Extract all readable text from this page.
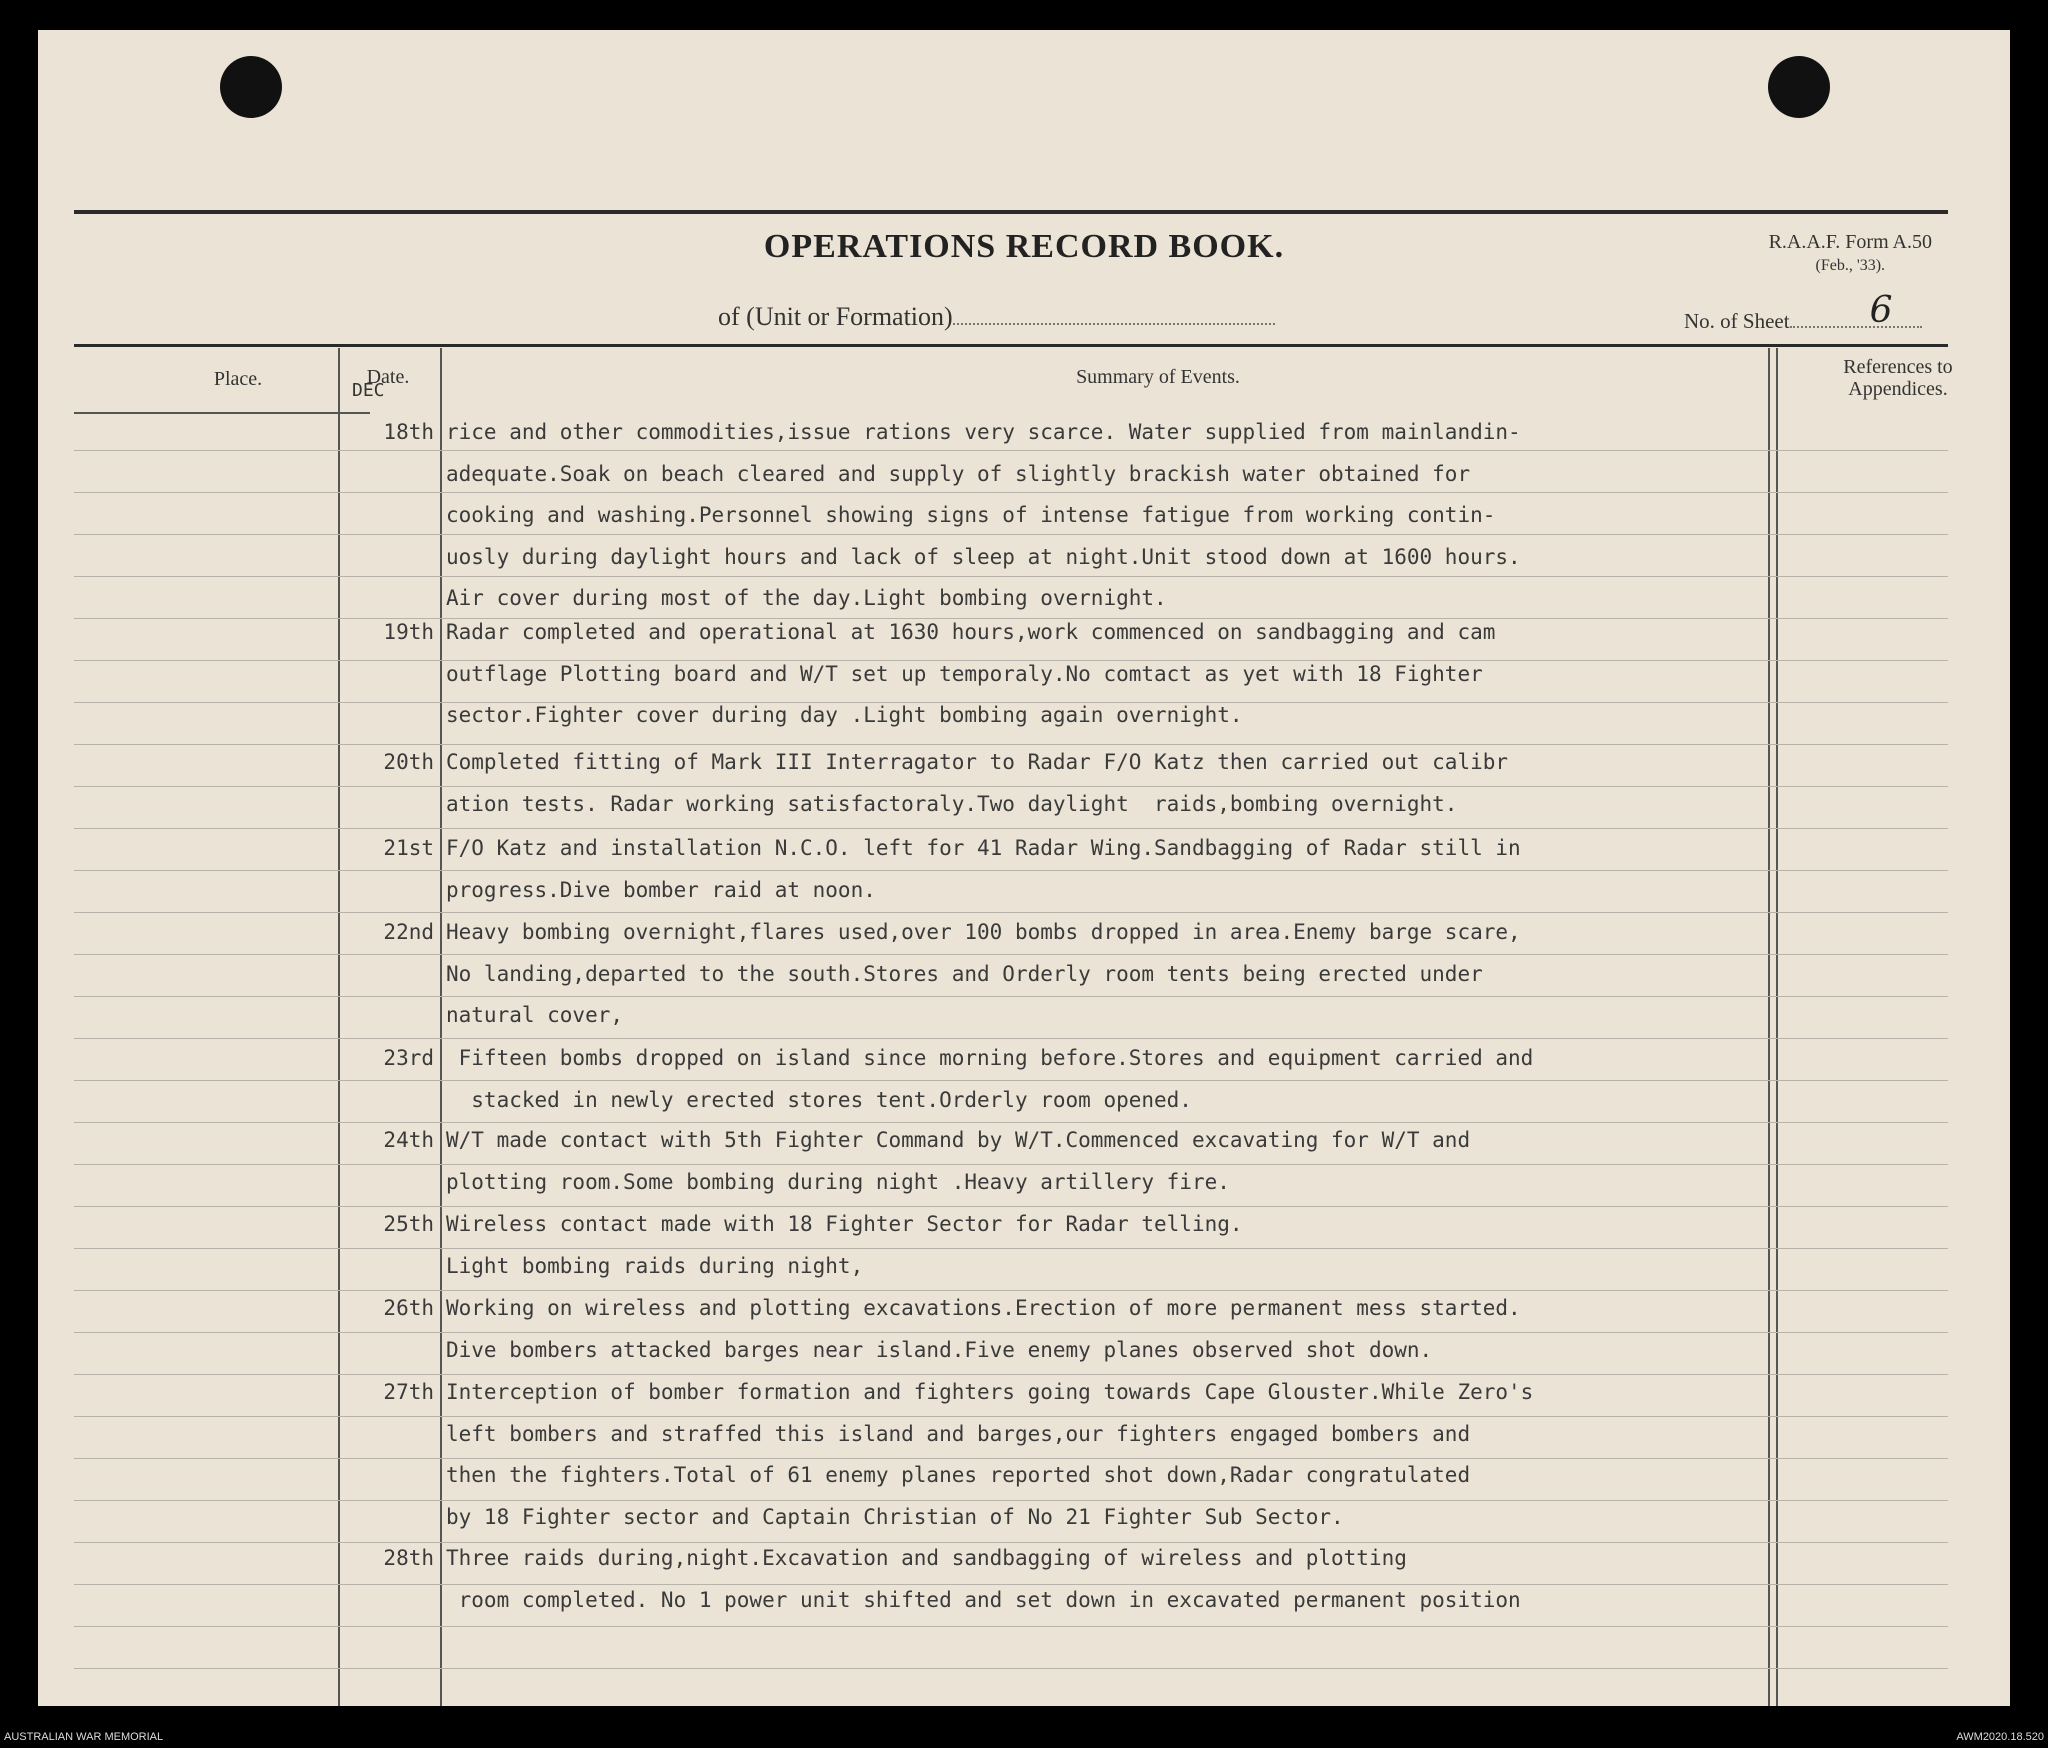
OPERATIONS RECORD BOOK.	R.A.A.F. Form A.50
(Feb., '33).
of (Unit or Formation)	No. of Sheet 6
Place.	Date.	Summary of Events.	References to
Appendices.
DEC
18th rice and other commodities,issue rations very scarce. Water supplied from mainlandin-
adequate.Soak on beach cleared and supply of slightly brackish water obtained for
cooking and washing.Personnel showing signs of intense fatigue from working contin-
uosly during daylight hours and lack of sleep at night.Unit stood down at 1600 hours.
Air cover during most of the day.Light bombing overnight.
19th Radar completed and operational at 1630 hours,work commenced on sandbagging and cam
outflage Plotting board and W/T set up temporaly.No comtact as yet with 18 Fighter
sector.Fighter cover during day .Light bombing again overnight.
20th Completed fitting of Mark III Interragator to Radar F/O Katz then carried out calibr
ation tests. Radar working satisfactoraly.Two daylight  raids,bombing overnight.
21st F/O Katz and installation N.C.O. left for 41 Radar Wing.Sandbagging of Radar still in
progress.Dive bomber raid at noon.
22nd Heavy bombing overnight,flares used,over 100 bombs dropped in area.Enemy barge scare,
No landing,departed to the south.Stores and Orderly room tents being erected under
natural cover,
23rd Fifteen bombs dropped on island since morning before.Stores and equipment carried and
stacked in newly erected stores tent.Orderly room opened.
24th W/T made contact with 5th Fighter Command by W/T.Commenced excavating for W/T and
plotting room.Some bombing during night .Heavy artillery fire.
25th Wireless contact made with 18 Fighter Sector for Radar telling.
Light bombing raids during night,
26th Working on wireless and plotting excavations.Erection of more permanent mess started.
Dive bombers attacked barges near island.Five enemy planes observed shot down.
27th Interception of bomber formation and fighters going towards Cape Glouster.While Zero's
left bombers and straffed this island and barges,our fighters engaged bombers and
then the fighters.Total of 61 enemy planes reported shot down,Radar congratulated
by 18 Fighter sector and Captain Christian of No 21 Fighter Sub Sector.
28th Three raids during,night.Excavation and sandbagging of wireless and plotting
room completed. No 1 power unit shifted and set down in excavated permanent position
AUSTRALIAN WAR MEMORIAL	AWM2020.18.520
